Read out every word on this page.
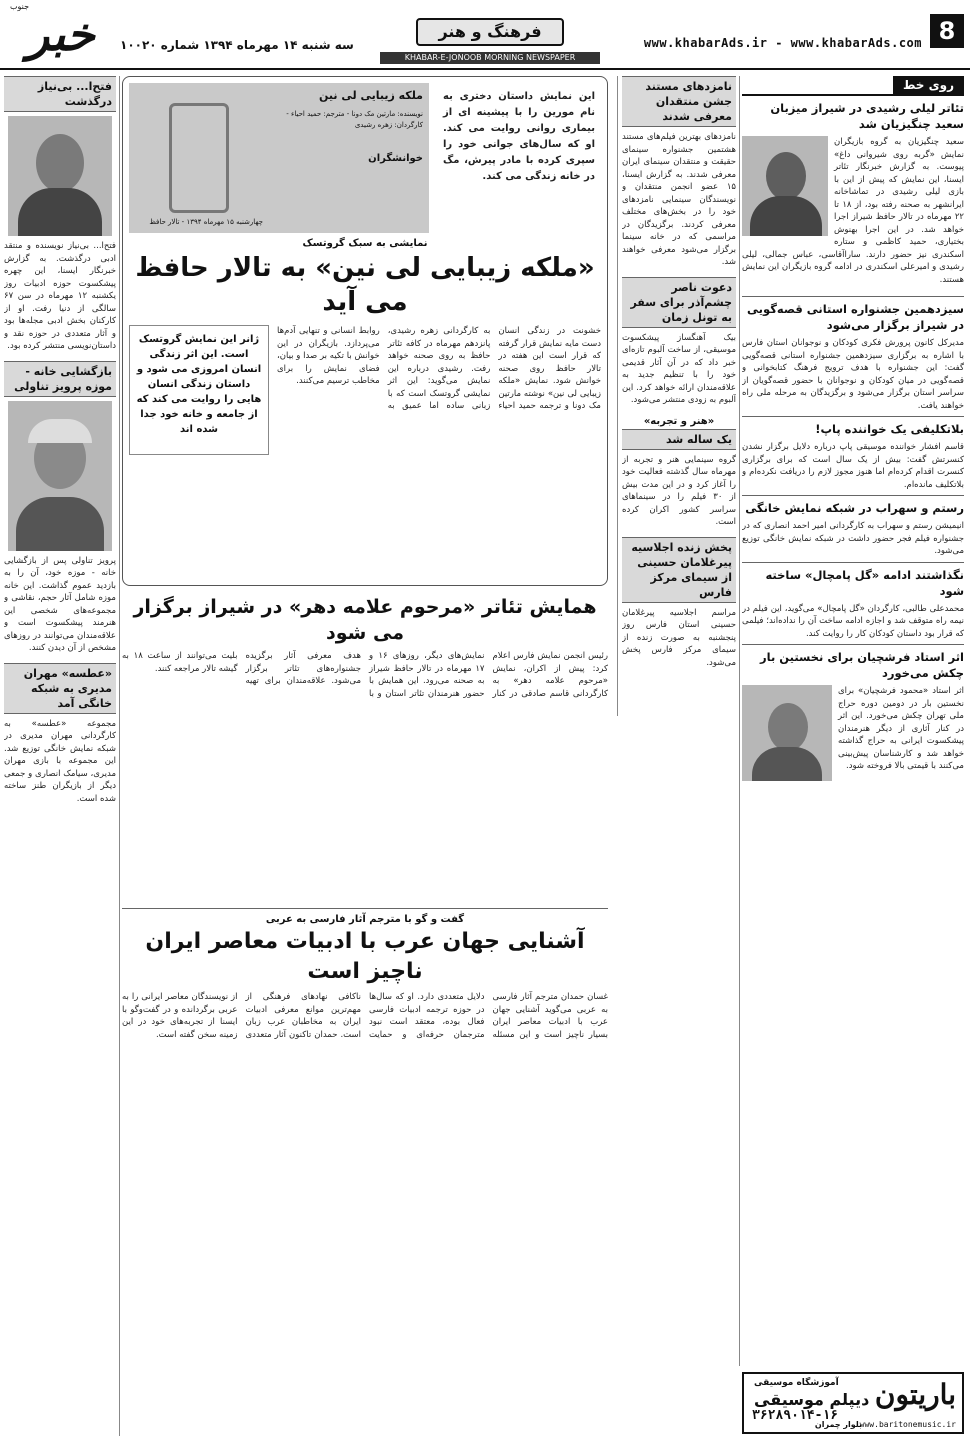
8
www.khabarAds.ir - www.khabarAds.com
فرهنگ و هنر
KHABAR-E-JONOOB MORNING NEWSPAPER
سه شنبه ۱۴ مهرماه ۱۳۹۴ شماره ۱۰۰۲۰
خبر
جنوب
روی خط
تئاتر لیلی رشیدی در شیراز میزبان سعید چنگیزیان شد
سعید چنگیزیان به گروه بازیگران نمایش «گربه روی شیروانی داغ» پیوست. به گزارش خبرنگار تئاتر ایسنا، این نمایش که پیش از این با بازی لیلی رشیدی در تماشاخانه ایرانشهر به صحنه رفته بود، از ۱۸ تا ۲۲ مهرماه در تالار حافظ شیراز اجرا خواهد شد. در این اجرا بهنوش بختیاری، حمید کاظمی و ستاره اسکندری نیز حضور دارند. ساراآقاسی، عباس جمالی، لیلی رشیدی و امیرعلی اسکندری در ادامه گروه بازیگران این نمایش هستند.
سیزدهمین جشنواره استانی قصه‌گویی در شیراز برگزار می‌شود
مدیرکل کانون پرورش فکری کودکان و نوجوانان استان فارس با اشاره به برگزاری سیزدهمین جشنواره استانی قصه‌گویی گفت: این جشنواره با هدف ترویج فرهنگ کتابخوانی و قصه‌گویی در میان کودکان و نوجوانان با حضور قصه‌گویان از سراسر استان برگزار می‌شود و برگزیدگان به مرحله ملی راه خواهند یافت.
بلاتکلیفی یک خواننده پاپ!
قاسم افشار خواننده موسیقی پاپ درباره دلایل برگزار نشدن کنسرتش گفت: بیش از یک سال است که برای برگزاری کنسرت اقدام کرده‌ام اما هنوز مجوز لازم را دریافت نکرده‌ام و بلاتکلیف مانده‌ام.
رستم و سهراب در شبکه نمایش خانگی
انیمیشن رستم و سهراب به کارگردانی امیر احمد انصاری که در جشنواره فیلم فجر حضور داشت در شبکه نمایش خانگی توزیع می‌شود.
نگذاشتند ادامه «گل پامچال» ساخته شود
محمدعلی طالبی، کارگردان «گل پامچال» می‌گوید، این فیلم در نیمه راه متوقف شد و اجازه ادامه ساخت آن را نداده‌اند؛ فیلمی که قرار بود داستان کودکان کار را روایت کند.
اثر استاد فرشچیان برای نخستین بار چکش می‌خورد
اثر استاد «محمود فرشچیان» برای نخستین بار در دومین دوره حراج ملی تهران چکش می‌خورد. این اثر در کنار آثاری از دیگر هنرمندان پیشکسوت ایرانی به حراج گذاشته خواهد شد و کارشناسان پیش‌بینی می‌کنند با قیمتی بالا فروخته شود.
نامزدهای مستند جشن منتقدان معرفی شدند
نامزدهای بهترین فیلم‌های مستند هشتمین جشنواره سینمای حقیقت و منتقدان سینمای ایران معرفی شدند. به گزارش ایسنا، ۱۵ عضو انجمن منتقدان و نویسندگان سینمایی نامزدهای خود را در بخش‌های مختلف معرفی کردند. برگزیدگان در مراسمی که در خانه سینما برگزار می‌شود معرفی خواهند شد.
دعوت ناصر چشم‌آذر برای سفر به تونل زمان
بیک آهنگساز پیشکسوت موسیقی، از ساخت آلبوم تازه‌ای خبر داد که در آن آثار قدیمی خود را با تنظیم جدید به علاقه‌مندان ارائه خواهد کرد. این آلبوم به زودی منتشر می‌شود.
«هنر و تجربه»
یک ساله شد
گروه سینمایی هنر و تجربه از مهرماه سال گذشته فعالیت خود را آغاز کرد و در این مدت بیش از ۳۰ فیلم را در سینماهای سراسر کشور اکران کرده است.
پخش زنده اجلاسیه پیرغلامان حسینی از سیمای مرکز فارس
مراسم اجلاسیه پیرغلامان حسینی استان فارس روز پنجشنبه به صورت زنده از سیمای مرکز فارس پخش می‌شود.
فتح‌ا... بی‌نیاز درگذشت
فتح‌ا... بی‌نیاز نویسنده و منتقد ادبی درگذشت. به گزارش خبرنگار ایسنا، این چهره پیشکسوت حوزه ادبیات روز یکشنبه ۱۲ مهرماه در سن ۶۷ سالگی از دنیا رفت. او از کارکنان بخش ادبی مجله‌ها بود و آثار متعددی در حوزه نقد و داستان‌نویسی منتشر کرده بود.
بازگشایی خانه - موزه پرویز تناولی
پرویز تناولی پس از بازگشایی خانه - موزه خود، آن را به بازدید عموم گذاشت. این خانه موزه شامل آثار حجم، نقاشی و مجموعه‌های شخصی این هنرمند پیشکسوت است و علاقه‌مندان می‌توانند در روزهای مشخص از آن دیدن کنند.
«عطسه» مهران مدیری به شبکه خانگی آمد
مجموعه «عطسه» به کارگردانی مهران مدیری در شبکه نمایش خانگی توزیع شد. این مجموعه با بازی مهران مدیری، سیامک انصاری و جمعی دیگر از بازیگران طنز ساخته شده است.
این نمایش داستان دختری به نام مورین را با پیشینه ای از بیماری روانی روایت می کند. او که سال‌های جوانی خود را سپری کرده با مادر پیرش، مگ در خانه زندگی می کند.
ملکه زیبایی لی نین
نویسنده: مارتین مک دونا - مترجم: حمید احیاء - کارگردان: زهره رشیدی
خوانشگران
چهارشنبه ۱۵ مهرماه ۱۳۹۴ - تالار حافظ
نمایشی به سبک گروتسک
«ملکه زیبایی لی نین» به تالار حافظ می آید
خشونت در زندگی انسان دست مایه نمایش قرار گرفته که قرار است این هفته در تالار حافظ روی صحنه خوانش شود. نمایش «ملکه زیبایی لی نین» نوشته مارتین مک دونا و ترجمه حمید احیاء به کارگردانی زهره رشیدی، پانزدهم مهرماه در کافه تئاتر حافظ به روی صحنه خواهد رفت. رشیدی درباره این نمایش می‌گوید: این اثر نمایشی گروتسک است که با زبانی ساده اما عمیق به روابط انسانی و تنهایی آدم‌ها می‌پردازد. بازیگران در این خوانش با تکیه بر صدا و بیان، فضای نمایش را برای مخاطب ترسیم می‌کنند.
ژانر این نمایش گروتسک است. این اثر زندگی انسان امروزی می شود و داستان زندگی انسان هایی را روایت می کند که از جامعه و خانه خود جدا شده اند
همایش تئاتر «مرحوم علامه دهر» در شیراز برگزار می شود
رئیس انجمن نمایش فارس اعلام کرد: پیش از اکران، نمایش «مرحوم علامه دهر» به کارگردانی قاسم صادقی در کنار نمایش‌های دیگر، روزهای ۱۶ و ۱۷ مهرماه در تالار حافظ شیراز به صحنه می‌رود. این همایش با حضور هنرمندان تئاتر استان و با هدف معرفی آثار برگزیده جشنواره‌های تئاتر برگزار می‌شود. علاقه‌مندان برای تهیه بلیت می‌توانند از ساعت ۱۸ به گیشه تالار مراجعه کنند.
گفت و گو با مترجم آثار فارسی به عربی
آشنایی جهان عرب با ادبیات معاصر ایران ناچیز است
غسان حمدان مترجم آثار فارسی به عربی می‌گوید آشنایی جهان عرب با ادبیات معاصر ایران بسیار ناچیز است و این مسئله دلایل متعددی دارد. او که سال‌ها در حوزه ترجمه ادبیات فارسی فعال بوده، معتقد است نبود مترجمان حرفه‌ای و حمایت ناکافی نهادهای فرهنگی از مهم‌ترین موانع معرفی ادبیات ایران به مخاطبان عرب زبان است. حمدان تاکنون آثار متعددی از نویسندگان معاصر ایرانی را به عربی برگردانده و در گفت‌وگو با ایسنا از تجربه‌های خود در این زمینه سخن گفته است.
باریتون
آموزشگاه موسیقی
دیپلم موسیقی
۳۶۲۸۹۰۱۴-۱۶
بلوار چمران
www.baritonemusic.ir
